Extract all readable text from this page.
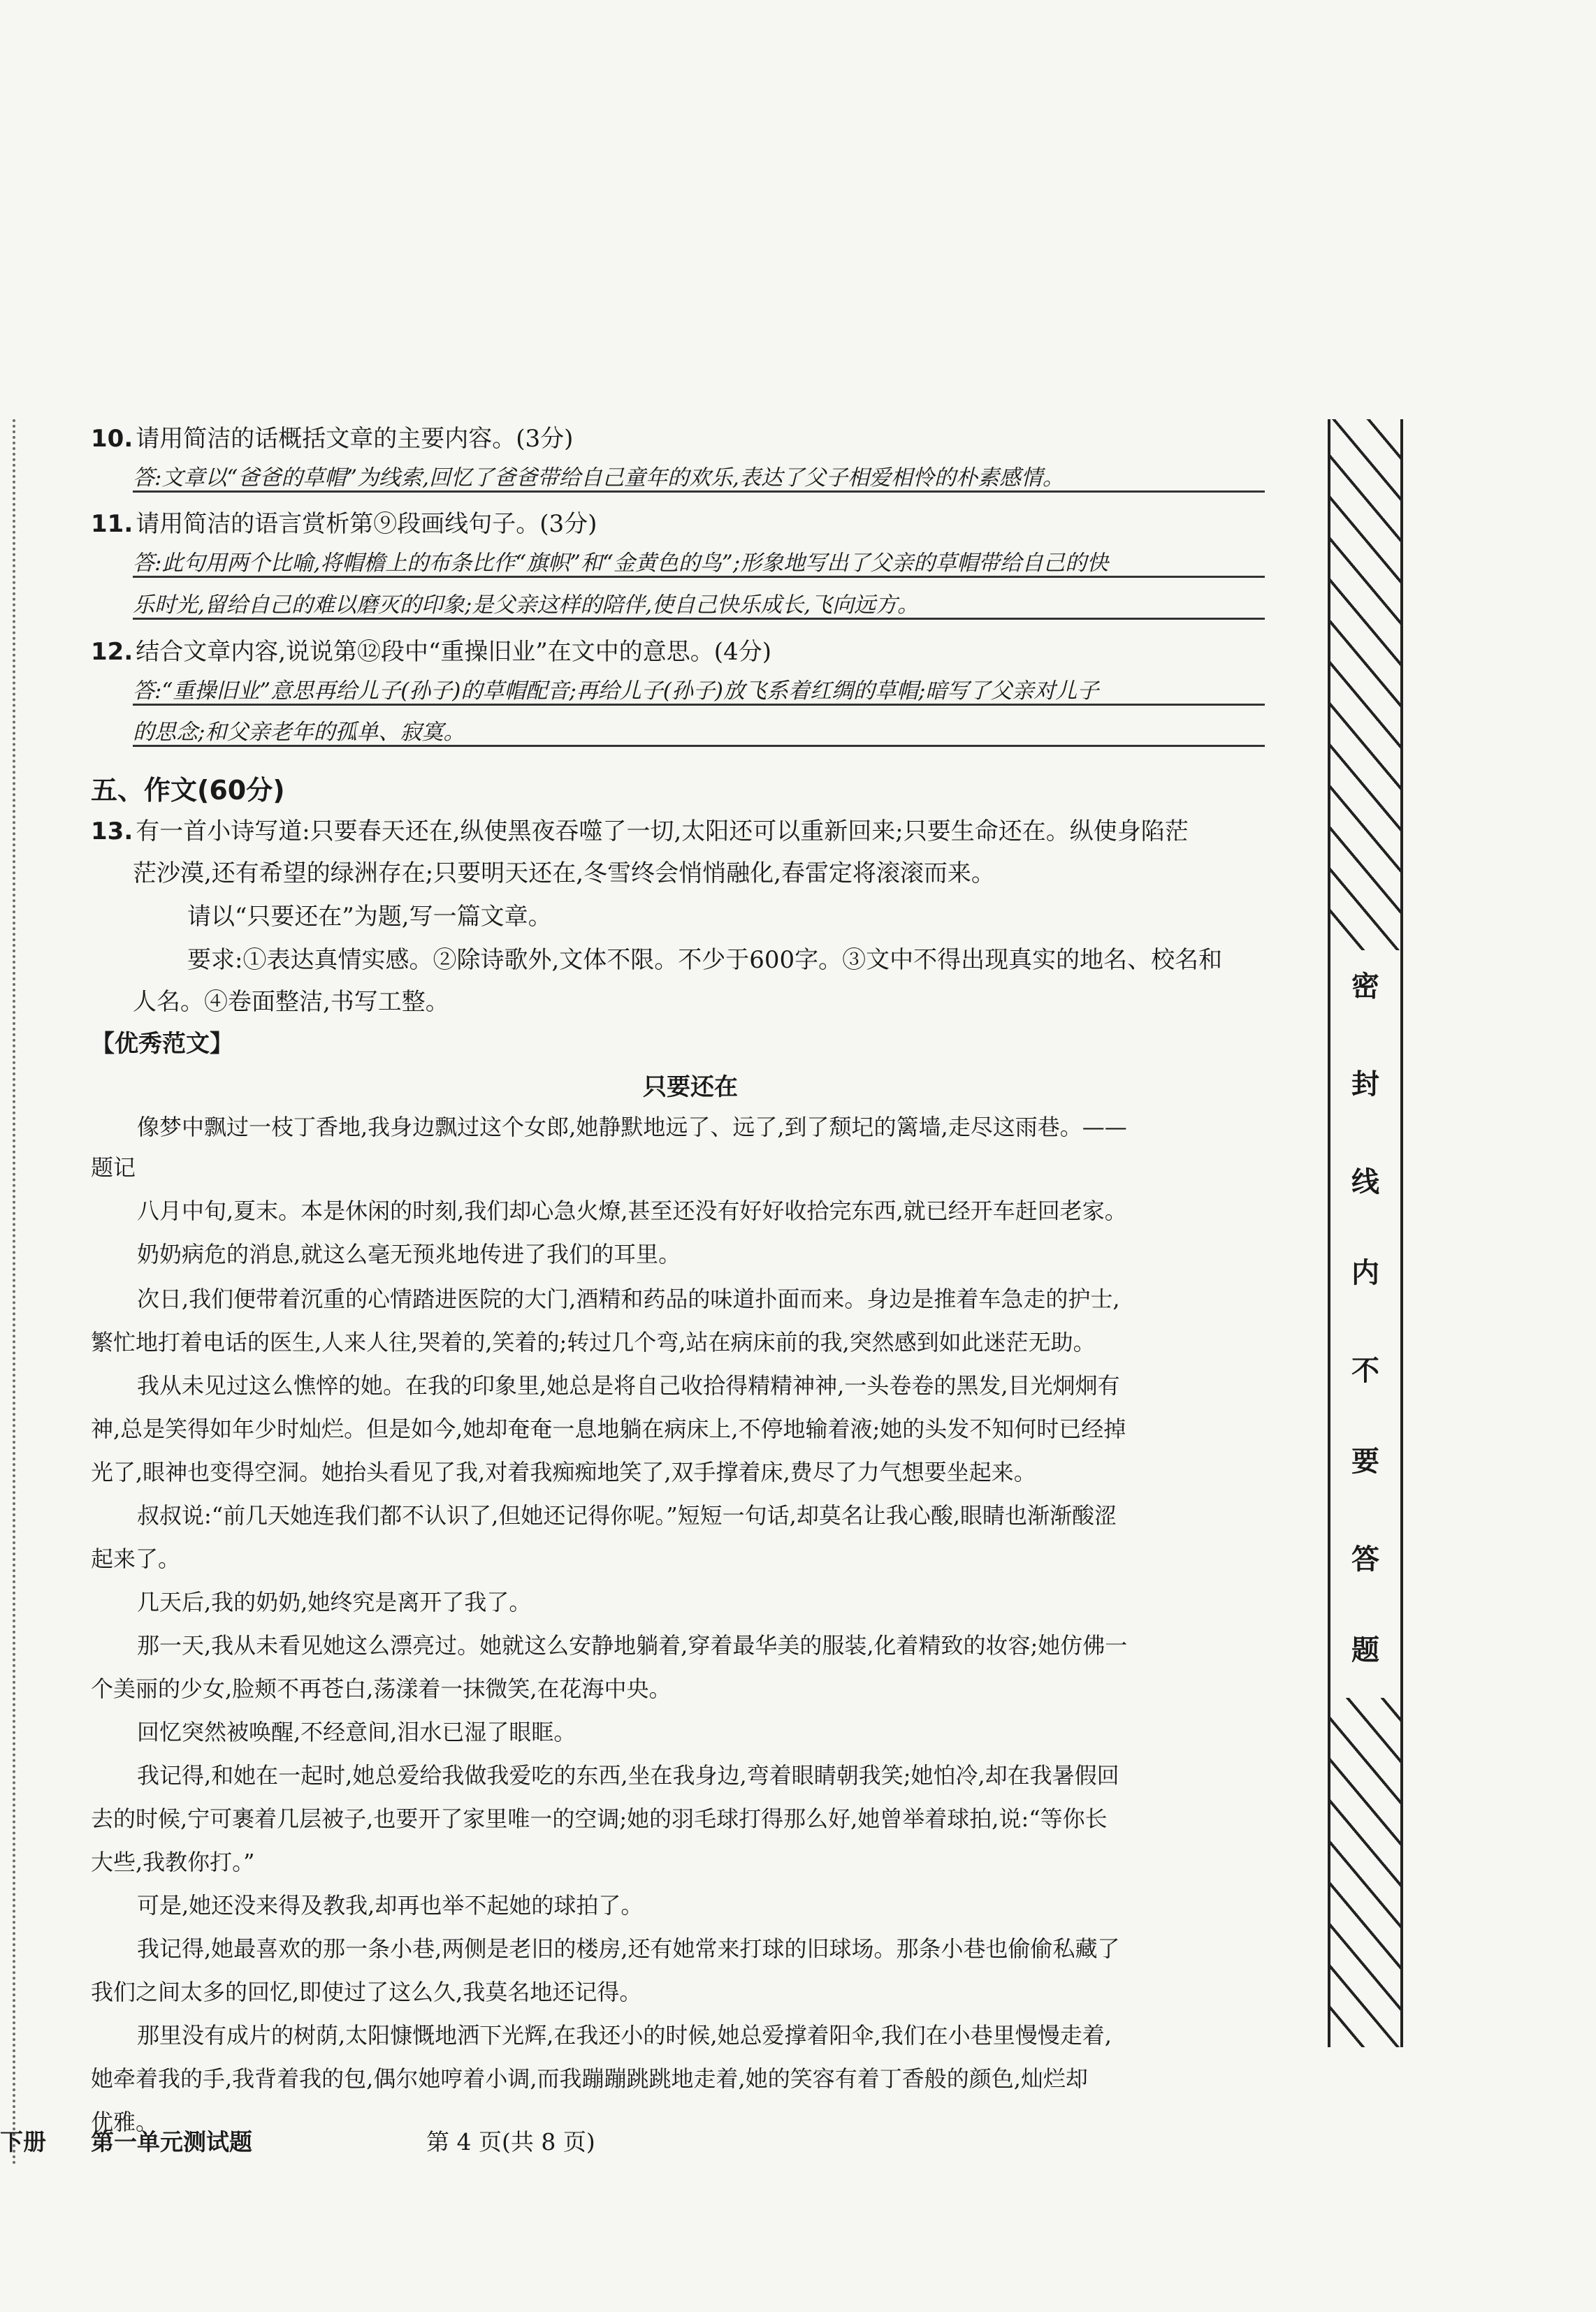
10. 请用简洁的话概括文章的主要内容。(3分)
答:文章以“爸爸的草帽”为线索,回忆了爸爸带给自己童年的欢乐,表达了父子相爱相怜的朴素感情。
11. 请用简洁的语言赏析第⑨段画线句子。(3分)
答:此句用两个比喻,将帽檐上的布条比作“旗帜”和“金黄色的鸟”;形象地写出了父亲的草帽带给自己的快
乐时光,留给自己的难以磨灭的印象;是父亲这样的陪伴,使自己快乐成长,飞向远方。
12. 结合文章内容,说说第⑫段中“重操旧业”在文中的意思。(4分)
答:“重操旧业”意思再给儿子(孙子)的草帽配音;再给儿子(孙子)放飞系着红绸的草帽;暗写了父亲对儿子
的思念;和父亲老年的孤单、寂寞。
五、作文(60分)
13. 有一首小诗写道:只要春天还在,纵使黑夜吞噬了一切,太阳还可以重新回来;只要生命还在。纵使身陷茫
茫沙漠,还有希望的绿洲存在;只要明天还在,冬雪终会悄悄融化,春雷定将滚滚而来。
请以“只要还在”为题,写一篇文章。
要求:①表达真情实感。②除诗歌外,文体不限。不少于600字。③文中不得出现真实的地名、校名和
人名。④卷面整洁,书写工整。
【优秀范文】
只要还在
像梦中飘过一枝丁香地,我身边飘过这个女郎,她静默地远了、远了,到了颓圮的篱墙,走尽这雨巷。——
题记
八月中旬,夏末。本是休闲的时刻,我们却心急火燎,甚至还没有好好收拾完东西,就已经开车赶回老家。
奶奶病危的消息,就这么毫无预兆地传进了我们的耳里。
次日,我们便带着沉重的心情踏进医院的大门,酒精和药品的味道扑面而来。身边是推着车急走的护士,
繁忙地打着电话的医生,人来人往,哭着的,笑着的;转过几个弯,站在病床前的我,突然感到如此迷茫无助。
我从未见过这么憔悴的她。在我的印象里,她总是将自己收拾得精精神神,一头卷卷的黑发,目光炯炯有
神,总是笑得如年少时灿烂。但是如今,她却奄奄一息地躺在病床上,不停地输着液;她的头发不知何时已经掉
光了,眼神也变得空洞。她抬头看见了我,对着我痴痴地笑了,双手撑着床,费尽了力气想要坐起来。
叔叔说:“前几天她连我们都不认识了,但她还记得你呢。”短短一句话,却莫名让我心酸,眼睛也渐渐酸涩
起来了。
几天后,我的奶奶,她终究是离开了我了。
那一天,我从未看见她这么漂亮过。她就这么安静地躺着,穿着最华美的服装,化着精致的妆容;她仿佛一
个美丽的少女,脸颊不再苍白,荡漾着一抹微笑,在花海中央。
回忆突然被唤醒,不经意间,泪水已湿了眼眶。
我记得,和她在一起时,她总爱给我做我爱吃的东西,坐在我身边,弯着眼睛朝我笑;她怕冷,却在我暑假回
去的时候,宁可裹着几层被子,也要开了家里唯一的空调;她的羽毛球打得那么好,她曾举着球拍,说:“等你长
大些,我教你打。”
可是,她还没来得及教我,却再也举不起她的球拍了。
我记得,她最喜欢的那一条小巷,两侧是老旧的楼房,还有她常来打球的旧球场。那条小巷也偷偷私藏了
我们之间太多的回忆,即使过了这么久,我莫名地还记得。
那里没有成片的树荫,太阳慷慨地洒下光辉,在我还小的时候,她总爱撑着阳伞,我们在小巷里慢慢走着,
她牵着我的手,我背着我的包,偶尔她哼着小调,而我蹦蹦跳跳地走着,她的笑容有着丁香般的颜色,灿烂却
优雅。
下册 第一单元测试题	第 4 页(共 8 页)
密
封
线
内
不
要
答
题
